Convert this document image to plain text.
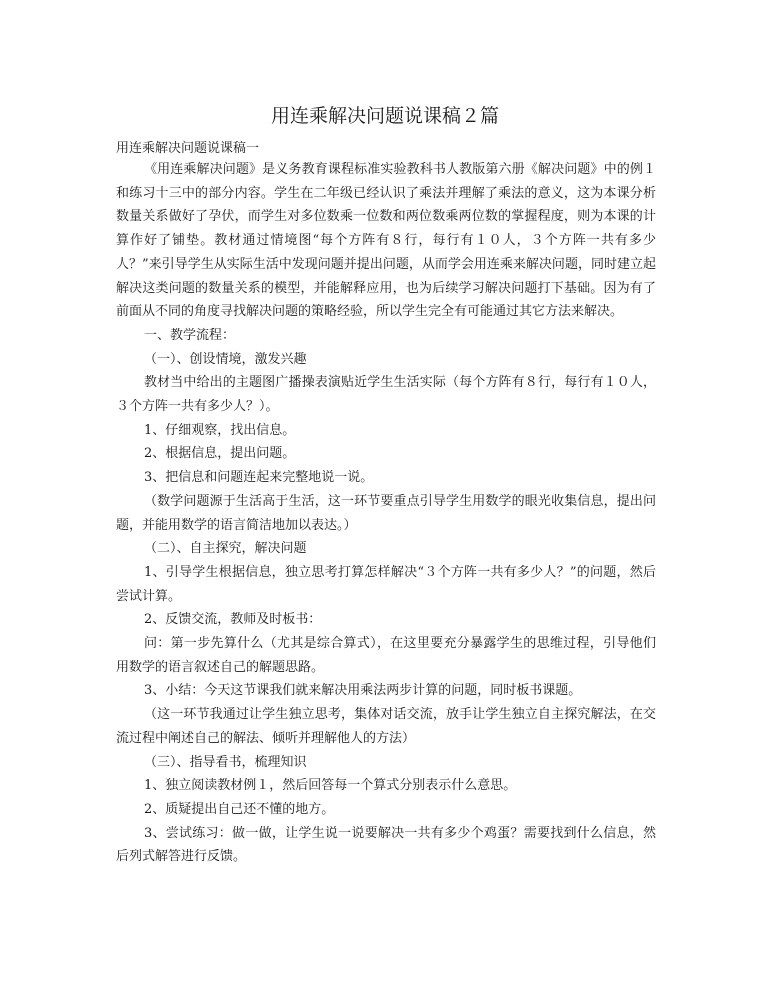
用连乘解决问题说课稿２篇

用连乘解决问题说课稿一

《用连乘解决问题》是义务教育课程标准实验教科书人教版第六册《解决问题》中的例１和练习十三中的部分内容。学生在二年级已经认识了乘法并理解了乘法的意义，这为本课分析数量关系做好了孕伏，而学生对多位数乘一位数和两位数乘两位数的掌握程度，则为本课的计算作好了铺垫。教材通过情境图“每个方阵有８行，每行有１０人，３个方阵一共有多少人？”来引导学生从实际生活中发现问题并提出问题，从而学会用连乘来解决问题，同时建立起解决这类问题的数量关系的模型，并能解释应用，也为后续学习解决问题打下基础。因为有了前面从不同的角度寻找解决问题的策略经验，所以学生完全有可能通过其它方法来解决。

一、教学流程：

（一）、创设情境，激发兴趣

教材当中给出的主题图广播操表演贴近学生生活实际（每个方阵有８行，每行有１０人，３个方阵一共有多少人？）。

1、仔细观察，找出信息。

2、根据信息，提出问题。

3、把信息和问题连起来完整地说一说。

（数学问题源于生活高于生活，这一环节要重点引导学生用数学的眼光收集信息，提出问题，并能用数学的语言简洁地加以表达。）

（二）、自主探究，解决问题

1、引导学生根据信息，独立思考打算怎样解决“３个方阵一共有多少人？”的问题，然后尝试计算。

2、反馈交流，教师及时板书：

问：第一步先算什么（尤其是综合算式），在这里要充分暴露学生的思维过程，引导他们用数学的语言叙述自己的解题思路。

3、小结：今天这节课我们就来解决用乘法两步计算的问题，同时板书课题。

（这一环节我通过让学生独立思考，集体对话交流，放手让学生独立自主探究解法，在交流过程中阐述自己的解法、倾听并理解他人的方法）

（三）、指导看书，梳理知识

1、独立阅读教材例１，然后回答每一个算式分别表示什么意思。

2、质疑提出自己还不懂的地方。

3、尝试练习：做一做，让学生说一说要解决一共有多少个鸡蛋？需要找到什么信息，然后列式解答进行反馈。
